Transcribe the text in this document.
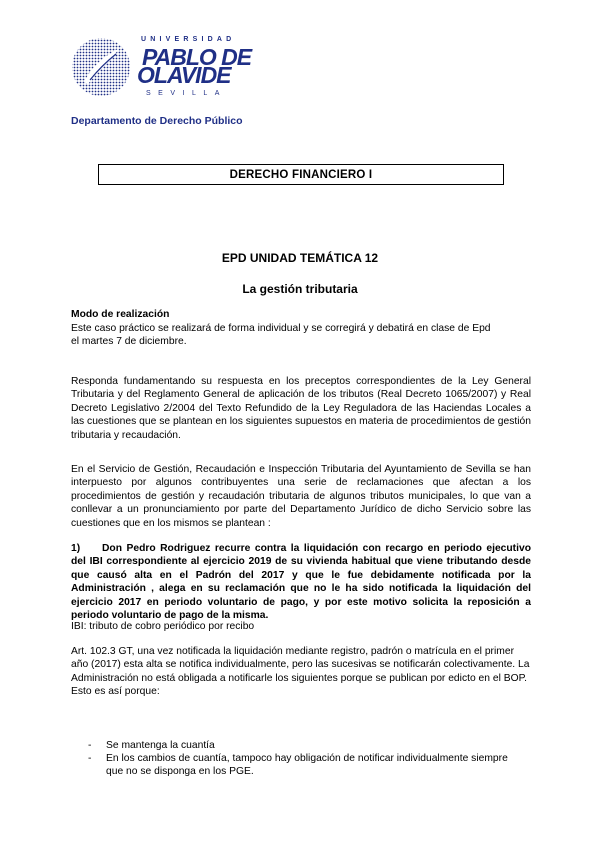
UNIVERSIDAD
PABLO DE
OLAVIDE
SEVILLA
Departamento de Derecho Público
DERECHO FINANCIERO I
EPD UNIDAD TEMÁTICA 12
La gestión tributaria
Modo de realización
Este caso práctico se realizará de forma individual y se corregirá y debatirá en clase de Epd
el martes 7 de diciembre.
Responda fundamentando su respuesta en los preceptos correspondientes de la Ley General Tributaria y del Reglamento General de aplicación de los tributos (Real Decreto 1065/2007) y Real Decreto Legislativo 2/2004 del Texto Refundido de la Ley Reguladora de las Haciendas Locales a las cuestiones que se plantean en los siguientes supuestos en materia de procedimientos de gestión tributaria y recaudación.
En el Servicio de Gestión, Recaudación e Inspección Tributaria del Ayuntamiento de Sevilla se han interpuesto por algunos contribuyentes una serie de reclamaciones que afectan a los procedimientos de gestión y recaudación tributaria de algunos tributos municipales, lo que van a conllevar a un pronunciamiento por parte del Departamento Jurídico de dicho Servicio sobre las cuestiones que en los mismos se plantean :
1)	Don Pedro Rodriguez recurre contra la liquidación con recargo en periodo ejecutivo del IBI correspondiente al ejercicio 2019 de su vivienda habitual que viene tributando desde que causó alta en el Padrón del 2017 y que le fue debidamente notificada por la Administración , alega en su reclamación que no le ha sido notificada la liquidación del ejercicio 2017 en periodo voluntario de pago, y por este motivo solicita la reposición a periodo voluntario de pago de la misma.
IBI: tributo de cobro periódico por recibo
Art. 102.3 GT, una vez notificada la liquidación mediante registro, padrón o matrícula en el primer año (2017) esta alta se notifica individualmente, pero las sucesivas se notificarán colectivamente. La Administración no está obligada a notificarle los siguientes porque se publican por edicto en el BOP. Esto es así porque:
- Se mantenga la cuantía
- En los cambios de cuantía, tampoco hay obligación de notificar individualmente siempre que no se disponga en los PGE.
